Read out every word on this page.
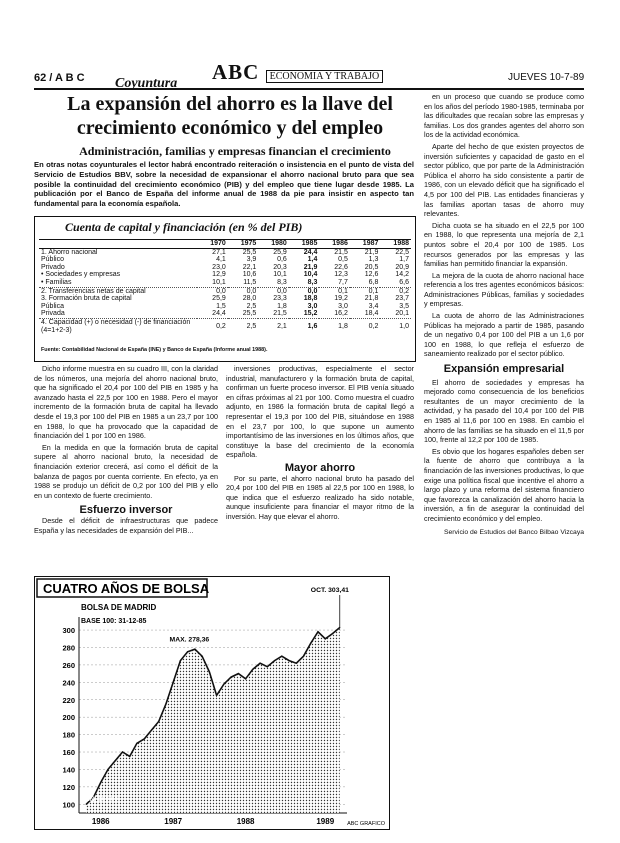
62 / A B C Coyuntura ABC ECONOMIA Y TRABAJO	JUEVES 10-7-89
La expansión del ahorro es la llave del crecimiento económico y del empleo
Administración, familias y empresas financian el crecimiento
En otras notas coyunturales el lector habrá encontrado reiteración o insistencia en el punto de vista del Servicio de Estudios BBV, sobre la necesidad de expansionar el ahorro nacional bruto para que sea posible la continuidad del crecimiento económico (PIB) y del empleo que tiene lugar desde 1985. La publicación por el Banco de España del informe anual de 1988 da pie para insistir en aspecto tan fundamental para la economía española.
Cuenta de capital y financiación (en % del PIB)
	1970	1975	1980	1985	1986	1987	1988
1. Ahorro nacional	27,1	25,5	25,9	24,4	21,5	21,9	22,5
Público	4,1	3,9	0,6	1,4	0,5	1,3	1,7
Privado	23,0	22,1	20,3	21,9	22,6	20,5	20,9
• Sociedades y empresas	12,9	10,6	10,1	10,4	12,3	12,6	14,2
• Familias	10,1	11,5	8,3	8,3	7,7	6,8	6,6
2. Transferencias netas de capital	0,0	0,0	0,0	0,0	0,1	0,1	0,2
3. Formación bruta de capital	25,9	28,0	23,3	18,8	19,2	21,8	23,7
Pública	1,5	2,5	1,8	3,0	3,0	3,4	3,5
Privada	24,4	25,5	21,5	15,2	16,2	18,4	20,1
4. Capacidad (+) o necesidad (-) de financiación (4=1+2-3)	0,2	2,5	2,1	1,6	1,8	0,2	1,0
Fuente: Contabilidad Nacional de España (INE) y Banco de España (Informe anual 1988).

Dicho informe muestra en su cuadro III, con la claridad de los números, una mejoría del ahorro nacional bruto, que ha significado el 20,4 por 100 del PIB en 1985 y ha avanzado hasta el 22,5 por 100 en 1988. Pero el mayor incremento de la formación bruta de capital ha llevado desde el 19,3 por 100 del PIB en 1985 a un 23,7 por 100 en 1988, lo que ha provocado que la capacidad de financiación del 1 por 100 en 1986.

En la medida en que la formación bruta de capital supere al ahorro nacional bruto, la necesidad de financiación exterior crecerá, así como el déficit de la balanza de pagos por cuenta corriente. En efecto, ya en 1988 se produjo un déficit de 0,2 por 100 del PIB y ello en un contexto de fuerte crecimiento.

Esfuerzo inversor

Desde el déficit de infraestructuras que padece España y las necesidades de expansión del PIB...

inversiones productivas, especialmente el sector industrial, manufacturero y la formación bruta de capital, confirman un fuerte proceso inversor. El PIB venía situado en cifras próximas al 21 por 100. Como muestra el cuadro adjunto, en 1986 la formación bruta de capital llegó a representar el 19,3 por 100 del PIB, situándose en 1988 en el 23,7 por 100, lo que supone un aumento importantísimo de las inversiones en los últimos años, que constituye la base del crecimiento de la economía española.

Mayor ahorro

Por su parte, el ahorro nacional bruto ha pasado del 20,4 por 100 del PIB en 1985 al 22,5 por 100 en 1988, lo que indica que el esfuerzo realizado ha sido notable, aunque insuficiente para financiar el mayor ritmo de la inversión. Hay que elevar el ahorro.

en un proceso que cuando se produce como en los años del período 1980-1985, terminaba por las dificultades que recaían sobre las empresas y familias. Los dos grandes agentes del ahorro son los de la actividad económica.

Aparte del hecho de que existen proyectos de inversión suficientes y capacidad de gasto en el sector público, que por parte de la Administración Pública el ahorro ha sido consistente a partir de 1986, con un elevado déficit que ha significado el 4,5 por 100 del PIB. Las entidades financieras y las familias aportan tasas de ahorro muy relevantes.

Dicha cuota se ha situado en el 22,5 por 100 en 1988, lo que representa una mejoría de 2,1 puntos sobre el 20,4 por 100 de 1985. Los recursos generados por las empresas y las familias han permitido financiar la expansión.

La mejora de la cuota de ahorro nacional hace referencia a los tres agentes económicos básicos: Administraciones Públicas, familias y sociedades y empresas.

La cuota de ahorro de las Administraciones Públicas ha mejorado a partir de 1985, pasando de un negativo 0,4 por 100 del PIB a un 1,6 por 100 en 1988, lo que refleja el esfuerzo de saneamiento realizado por el sector público.

Expansión empresarial

El ahorro de sociedades y empresas ha mejorado como consecuencia de los beneficios resultantes de un mayor crecimiento de la actividad, y ha pasado del 10,4 por 100 del PIB en 1985 al 11,6 por 100 en 1988. En cambio el ahorro de las familias se ha situado en el 11,5 por 100, frente al 12,2 por 100 de 1985.

Es obvio que los hogares españoles deben ser la fuente de ahorro que contribuya a la financiación de las inversiones productivas, lo que exige una política fiscal que incentive el ahorro a largo plazo y una reforma del sistema financiero que favorezca la canalización del ahorro hacia la inversión, a fin de asegurar la continuidad del crecimiento económico y del empleo.

Servicio de Estudios del Banco Bilbao Vizcaya
CUATRO AÑOS DE BOLSA
BOLSA DE MADRID
BASE 100: 31-12-85
300
280
260
240
220
200
180
160
140
120
100
1986	1987	1988	1989
MAX. 278,36
MIN. 100,00
OCT. 303,41
ABC GRAFICO
